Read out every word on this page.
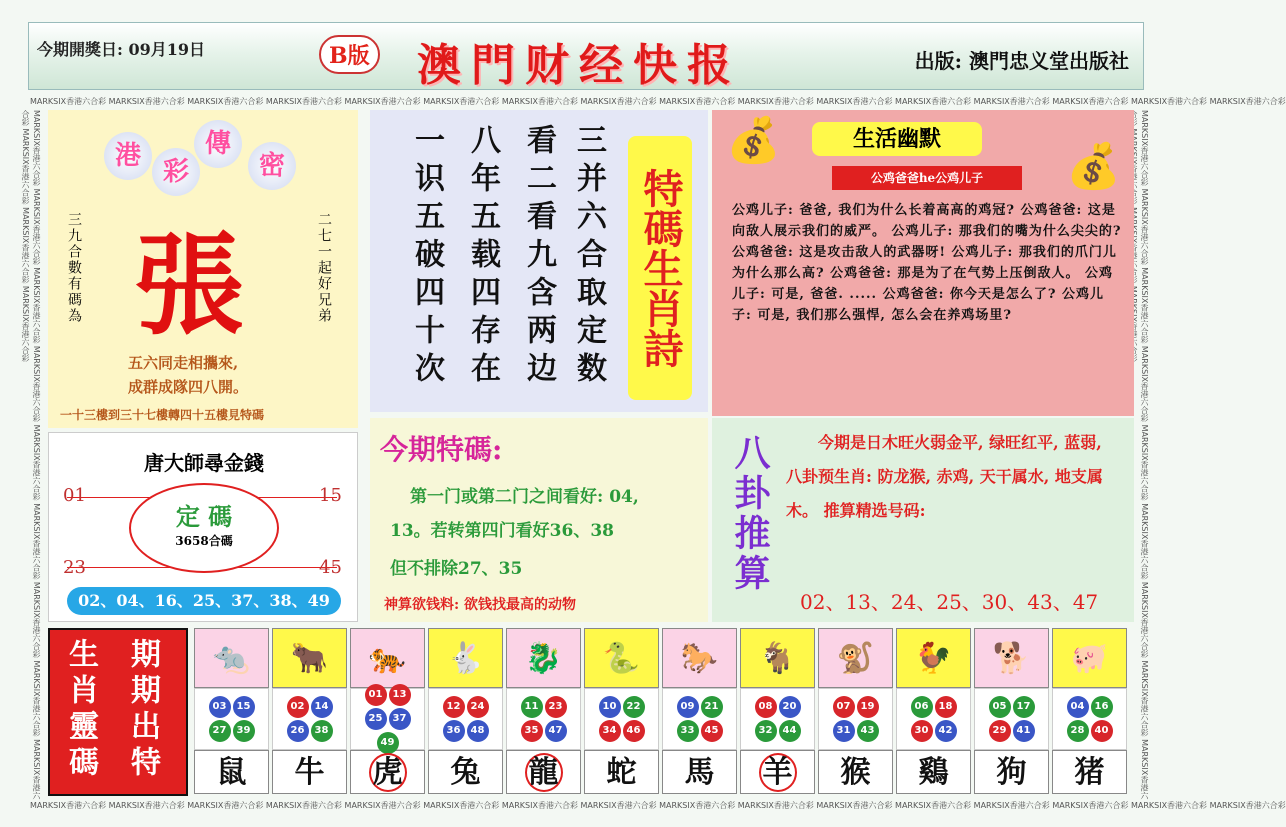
今期開獎日: 09月19日	B版 澳門财经快报	出版: 澳門忠义堂出版社
MARKSIX香港六合彩 MARKSIX香港六合彩 MARKSIX香港六合彩 MARKSIX香港六合彩 MARKSIX香港六合彩 MARKSIX香港六合彩 MARKSIX香港六合彩 MARKSIX香港六合彩 MARKSIX香港六合彩 MARKSIX香港六合彩 MARKSIX香港六合彩 MARKSIX香港六合彩 MARKSIX香港六合彩 MARKSIX香港六合彩 MARKSIX香港六合彩 MARKSIX香港六合彩
MARKSIX香港六合彩 MARKSIX香港六合彩 MARKSIX香港六合彩 MARKSIX香港六合彩 MARKSIX香港六合彩 MARKSIX香港六合彩 MARKSIX香港六合彩 MARKSIX香港六合彩 MARKSIX香港六合彩 MARKSIX香港六合彩 MARKSIX香港六合彩 MARKSIX香港六合彩 MARKSIX香港六合彩 MARKSIX香港六合彩 MARKSIX香港六合彩 MARKSIX香港六合彩
MARKSIX香港六合彩 MARKSIX香港六合彩 MARKSIX香港六合彩 MARKSIX香港六合彩 MARKSIX香港六合彩 MARKSIX香港六合彩 MARKSIX香港六合彩 MARKSIX香港六合彩 MARKSIX香港六合彩 MARKSIX香港六合彩 MARKSIX香港六合彩 MARKSIX香港六合彩	MARKSIX香港六合彩 MARKSIX香港六合彩 MARKSIX香港六合彩 MARKSIX香港六合彩 MARKSIX香港六合彩 MARKSIX香港六合彩 MARKSIX香港六合彩 MARKSIX香港六合彩 MARKSIX香港六
港
彩
傳
密
張
三九合數有碼為	二七一起好兄弟
五六同走相攜來,
成群成隊四八開。
一十三樓到三十七樓轉四十五樓見特碼
唐大師尋金錢
01	15
23	45
定 碼
3658合碼
02、04、16、25、37、38、49
三并六合取定数
看二看九含两边
八年五载四存在
一识五破四十次	特碼生肖詩
今期特碼:
第一门或第二门之间看好: 04,
13。若转第四门看好36、38
但不排除27、35
神算欲钱料: 欲钱找最高的动物
💰
💰
生活幽默
公鸡爸爸he公鸡儿子
公鸡儿子: 爸爸, 我们为什么长着高高的鸡冠? 公鸡爸爸: 这是向敌人展示我们的威严。 公鸡儿子: 那我们的嘴为什么尖尖的? 公鸡爸爸: 这是攻击敌人的武器呀! 公鸡儿子: 那我们的爪门儿为什么那么高? 公鸡爸爸: 那是为了在气势上压倒敌人。 公鸡儿子: 可是, 爸爸. ..... 公鸡爸爸: 你今天是怎么了? 公鸡儿子: 可是, 我们那么强悍, 怎么会在养鸡场里?
八卦推算	今期是日木旺火弱金平, 绿旺红平, 蓝弱, 八卦预生肖: 防龙猴, 赤鸡, 天干属水, 地支属木。 推算精选号码:
02、13、24、25、30、43、47
生肖靈碼 期期出特	🐀
03	15
27	39
鼠
🐂
02	14
26	38
牛
🐅
01	13
25	37
49
虎
🐇
12	24
36	48
兔
🐉
11	23
35	47
龍
🐍
10	22
34	46
蛇
🐎
09	21
33	45
馬
🐐
08	20
32	44
羊
🐒
07	19
31	43
猴
🐓
06	18
30	42
鷄
🐕
05	17
29	41
狗
🐖
04	16
28	40
猪
